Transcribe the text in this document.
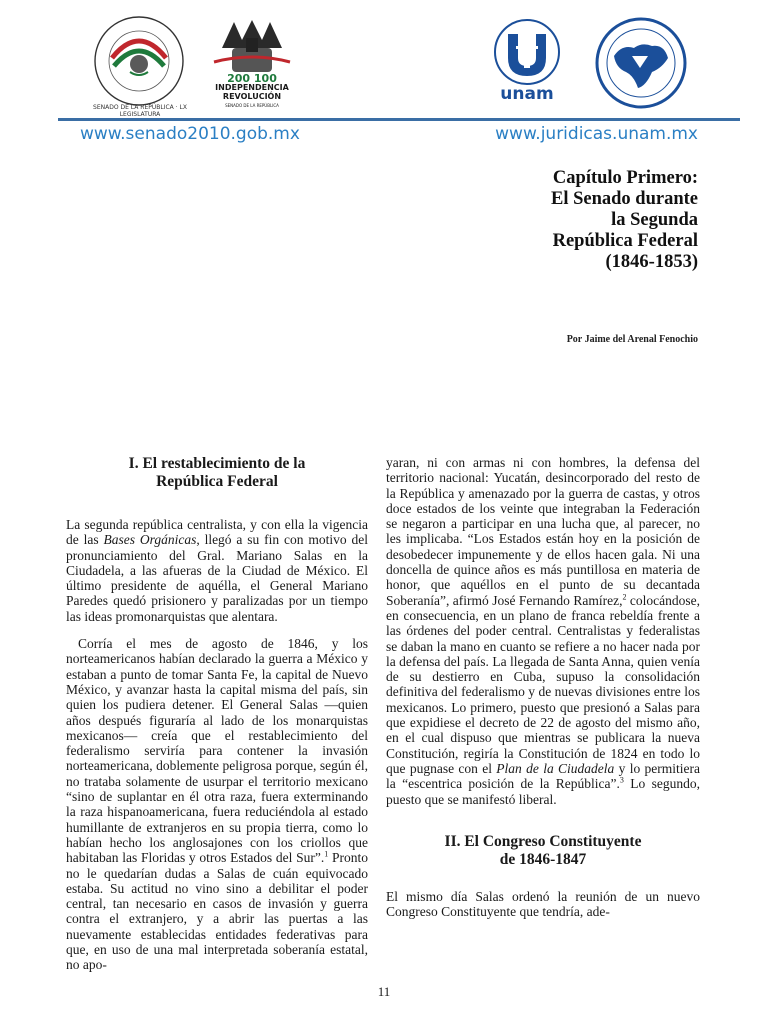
SENADO DE LA REPÚBLICA · LX LEGISLATURA
200 100
INDEPENDENCIA
REVOLUCIÓN
SENADO DE LA REPÚBLICA
unam
www.senado2010.gob.mx	www.juridicas.unam.mx
Capítulo Primero:
El Senado durante
la Segunda
República Federal
(1846-1853)
Por Jaime del Arenal Fenochio
I. El restablecimiento de la
República Federal

La segunda república centralista, y con ella la vigencia de las Bases Orgánicas, llegó a su fin con motivo del pronunciamiento del Gral. Mariano Salas en la Ciudadela, a las afueras de la Ciudad de México. El último presidente de aquélla, el General Mariano Paredes quedó prisionero y paralizadas por un tiempo las ideas promonarquistas que alentara.

Corría el mes de agosto de 1846, y los norteamericanos habían declarado la guerra a México y estaban a punto de tomar Santa Fe, la capital de Nuevo México, y avanzar hasta la capital misma del país, sin quien los pudiera detener. El General Salas —quien años después figuraría al lado de los monarquistas mexicanos— creía que el restablecimiento del federalismo serviría para contener la invasión norteamericana, doblemente peligrosa porque, según él, no trataba solamente de usurpar el territorio mexicano “sino de suplantar en él otra raza, fuera exterminando la raza hispanoamericana, fuera reduciéndola al estado humillante de extranjeros en su propia tierra, como lo habían hecho los anglosajones con los criollos que habitaban las Floridas y otros Estados del Sur”.$^1$ Pronto no le quedarían dudas a Salas de cuán equivocado estaba. Su actitud no vino sino a debilitar el poder central, tan necesario en casos de invasión y guerra contra el extranjero, y a abrir las puertas a las nuevamente establecidas entidades federativas para que, en uso de una mal interpretada soberanía estatal, no apo-

yaran, ni con armas ni con hombres, la defensa del territorio nacional: Yucatán, desincorporado del resto de la República y amenazado por la guerra de castas, y otros doce estados de los veinte que integraban la Federación se negaron a participar en una lucha que, al parecer, no les implicaba. “Los Estados están hoy en la posición de desobedecer impunemente y de ellos hacen gala. Ni una doncella de quince años es más puntillosa en materia de honor, que aquéllos en el punto de su decantada Soberanía”, afirmó José Fernando Ramírez,$^2$ colocándose, en consecuencia, en un plano de franca rebeldía frente a las órdenes del poder central. Centralistas y federalistas se daban la mano en cuanto se refiere a no hacer nada por la defensa del país. La llegada de Santa Anna, quien venía de su destierro en Cuba, supuso la consolidación definitiva del federalismo y de nuevas divisiones entre los mexicanos. Lo primero, puesto que presionó a Salas para que expidiese el decreto de 22 de agosto del mismo año, en el cual dispuso que mientras se publicara la nueva Constitución, regiría la Constitución de 1824 en todo lo que pugnase con el Plan de la Ciudadela y lo permitiera la “escentrica posición de la República”.$^3$ Lo segundo, puesto que se manifestó liberal.

II. El Congreso Constituyente
de 1846-1847

El mismo día Salas ordenó la reunión de un nuevo Congreso Constituyente que tendría, ade-

11
